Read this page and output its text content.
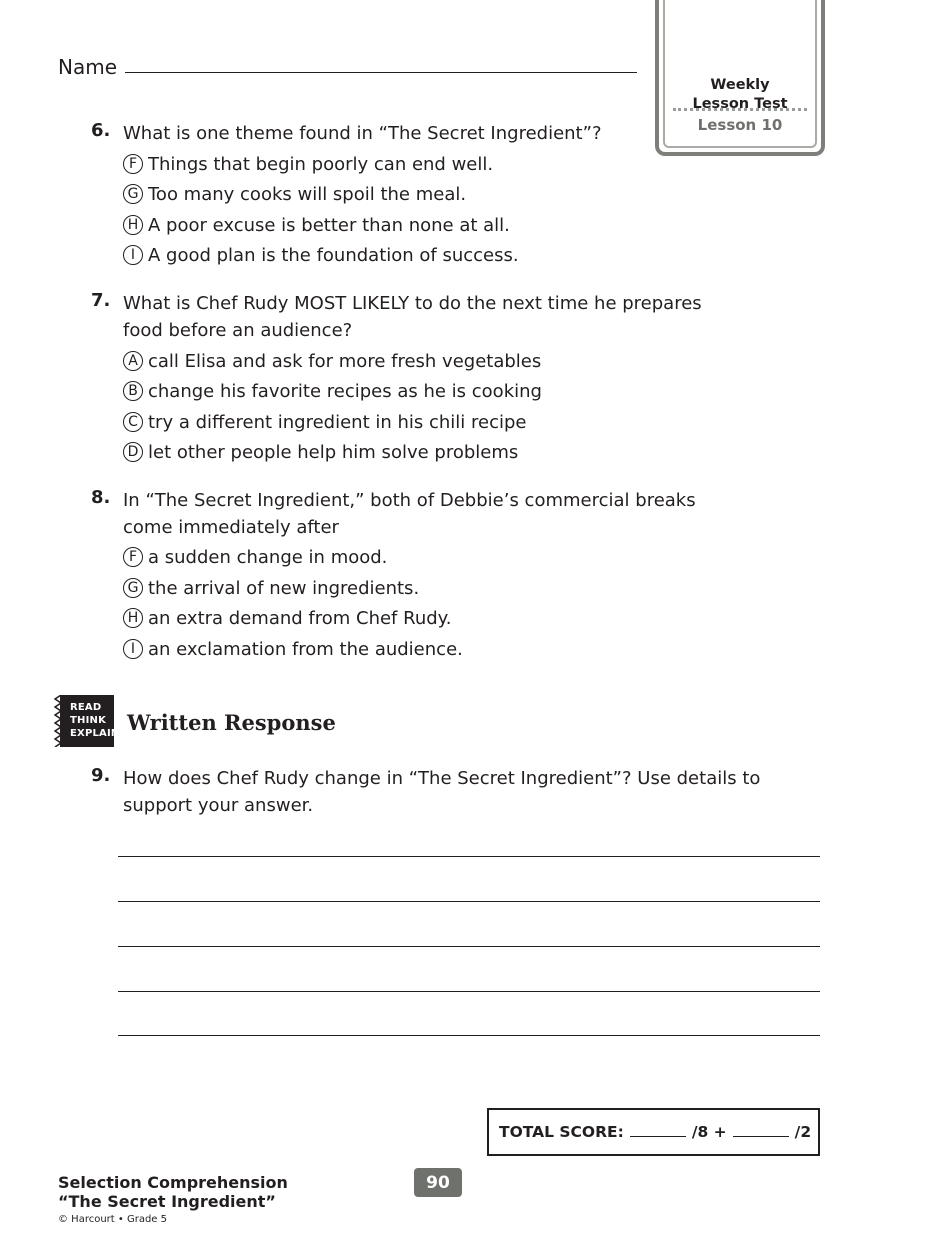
Name
Weekly
Lesson Test
Lesson 10
6. What is one theme found in “The Secret Ingredient”?
F Things that begin poorly can end well.
G Too many cooks will spoil the meal.
H A poor excuse is better than none at all.
I A good plan is the foundation of success.
7. What is Chef Rudy MOST LIKELY to do the next time he prepares food before an audience?
A call Elisa and ask for more fresh vegetables
B change his favorite recipes as he is cooking
C try a different ingredient in his chili recipe
D let other people help him solve problems
8. In “The Secret Ingredient,” both of Debbie’s commercial breaks come immediately after
F a sudden change in mood.
G the arrival of new ingredients.
H an extra demand from Chef Rudy.
I an exclamation from the audience.
READ
THINK
EXPLAIN Written Response
9. How does Chef Rudy change in “The Secret Ingredient”? Use details to support your answer.
TOTAL SCORE:	/8 +	/2
Selection Comprehension
“The Secret Ingredient”
© Harcourt • Grade 5
90
